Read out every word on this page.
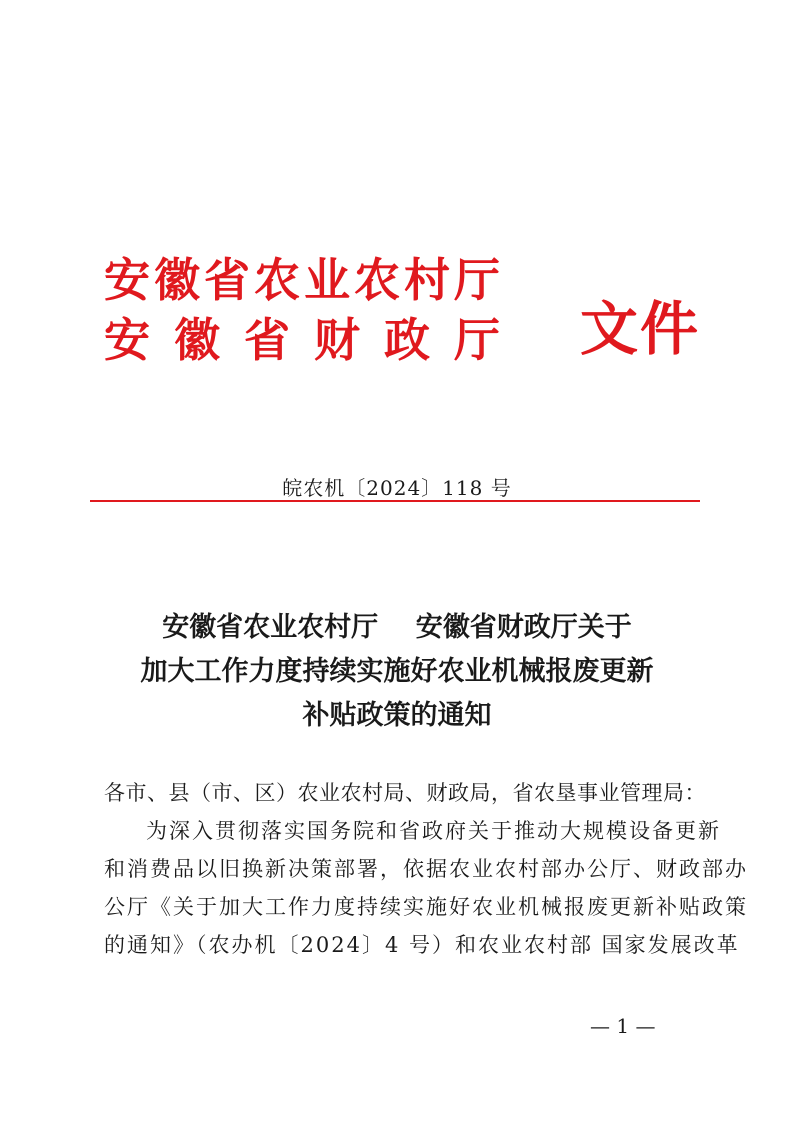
安徽省农业农村厅
安徽省财政厅 文件
皖农机〔2024〕118 号
安徽省农业农村厅    安徽省财政厅关于
加大工作力度持续实施好农业机械报废更新
补贴政策的通知
各市、县（市、区）农业农村局、财政局，省农垦事业管理局：
为深入贯彻落实国务院和省政府关于推动大规模设备更新
和消费品以旧换新决策部署，依据农业农村部办公厅、财政部办
公厅《关于加大工作力度持续实施好农业机械报废更新补贴政策
的通知》（农办机〔2024〕4 号）和农业农村部 国家发展改革
— 1 —
